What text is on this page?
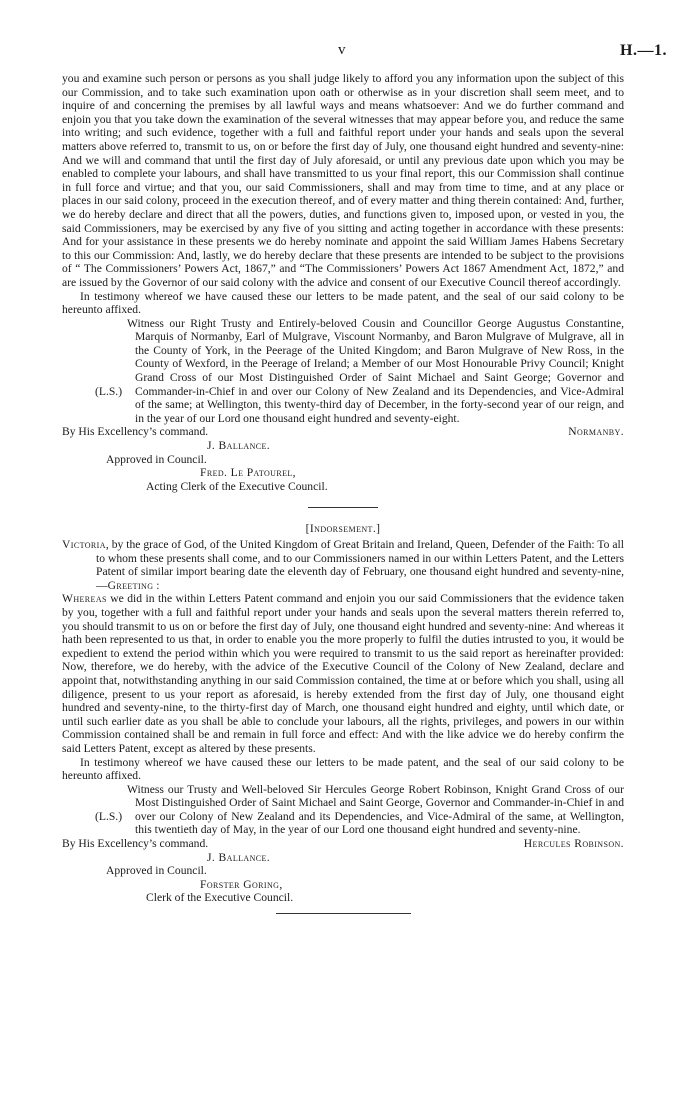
v	H.—1.

you and examine such person or persons as you shall judge likely to afford you any information upon the subject of this our Commission, and to take such examination upon oath or otherwise as in your discretion shall seem meet, and to inquire of and concerning the premises by all lawful ways and means whatsoever: And we do further command and enjoin you that you take down the examination of the several witnesses that may appear before you, and reduce the same into writing; and such evidence, together with a full and faithful report under your hands and seals upon the several matters above referred to, transmit to us, on or before the first day of July, one thousand eight hundred and seventy-nine: And we will and command that until the first day of July aforesaid, or until any previous date upon which you may be enabled to complete your labours, and shall have transmitted to us your final report, this our Commission shall continue in full force and virtue; and that you, our said Commissioners, shall and may from time to time, and at any place or places in our said colony, proceed in the execution thereof, and of every matter and thing therein contained: And, further, we do hereby declare and direct that all the powers, duties, and functions given to, imposed upon, or vested in you, the said Commissioners, may be exercised by any five of you sitting and acting together in accordance with these presents: And for your assistance in these presents we do hereby nominate and appoint the said William James Habens Secretary to this our Commission: And, lastly, we do hereby declare that these presents are intended to be subject to the provisions of “ The Commissioners’ Powers Act, 1867,” and “The Commissioners’ Powers Act 1867 Amendment Act, 1872,” and are issued by the Governor of our said colony with the advice and consent of our Executive Council thereof accordingly.

In testimony whereof we have caused these our letters to be made patent, and the seal of our said colony to be hereunto affixed.

(L.S.)

Witness our Right Trusty and Entirely-beloved Cousin and Councillor George Augustus Constantine, Marquis of Normanby, Earl of Mulgrave, Viscount Normanby, and Baron Mulgrave of Mulgrave, all in the County of York, in the Peerage of the United Kingdom; and Baron Mulgrave of New Ross, in the County of Wexford, in the Peerage of Ireland; a Member of our Most Honourable Privy Council; Knight Grand Cross of our Most Distinguished Order of Saint Michael and Saint George; Governor and Commander-in-Chief in and over our Colony of New Zealand and its Dependencies, and Vice-Admiral of the same; at Wellington, this twenty-third day of December, in the forty-second year of our reign, and in the year of our Lord one thousand eight hundred and seventy-eight.

By His Excellency’s command.	Normanby.
J. Ballance.
Approved in Council.
Fred. Le Patourel,
Acting Clerk of the Executive Council.
[Indorsement.]

Victoria, by the grace of God, of the United Kingdom of Great Britain and Ireland, Queen, Defender of the Faith: To all to whom these presents shall come, and to our Commissioners named in our within Letters Patent, and the Letters Patent of similar import bearing date the eleventh day of February, one thousand eight hundred and seventy-nine,—Greeting :

Whereas we did in the within Letters Patent command and enjoin you our said Commissioners that the evidence taken by you, together with a full and faithful report under your hands and seals upon the several matters therein referred to, you should transmit to us on or before the first day of July, one thousand eight hundred and seventy-nine: And whereas it hath been represented to us that, in order to enable you the more properly to fulfil the duties intrusted to you, it would be expedient to extend the period within which you were required to transmit to us the said report as hereinafter provided: Now, therefore, we do hereby, with the advice of the Executive Council of the Colony of New Zealand, declare and appoint that, notwithstanding anything in our said Commission contained, the time at or before which you shall, using all diligence, present to us your report as aforesaid, is hereby extended from the first day of July, one thousand eight hundred and seventy-nine, to the thirty-first day of March, one thousand eight hundred and eighty, until which date, or until such earlier date as you shall be able to conclude your labours, all the rights, privileges, and powers in our within Commission contained shall be and remain in full force and effect: And with the like advice we do hereby confirm the said Letters Patent, except as altered by these presents.

In testimony whereof we have caused these our letters to be made patent, and the seal of our said colony to be hereunto affixed.

(L.S.)

Witness our Trusty and Well-beloved Sir Hercules George Robert Robinson, Knight Grand Cross of our Most Distinguished Order of Saint Michael and Saint George, Governor and Commander-in-Chief in and over our Colony of New Zealand and its Dependencies, and Vice-Admiral of the same, at Wellington, this twentieth day of May, in the year of our Lord one thousand eight hundred and seventy-nine.

By His Excellency’s command.	Hercules Robinson.
J. Ballance.
Approved in Council.
Forster Goring,
Clerk of the Executive Council.
